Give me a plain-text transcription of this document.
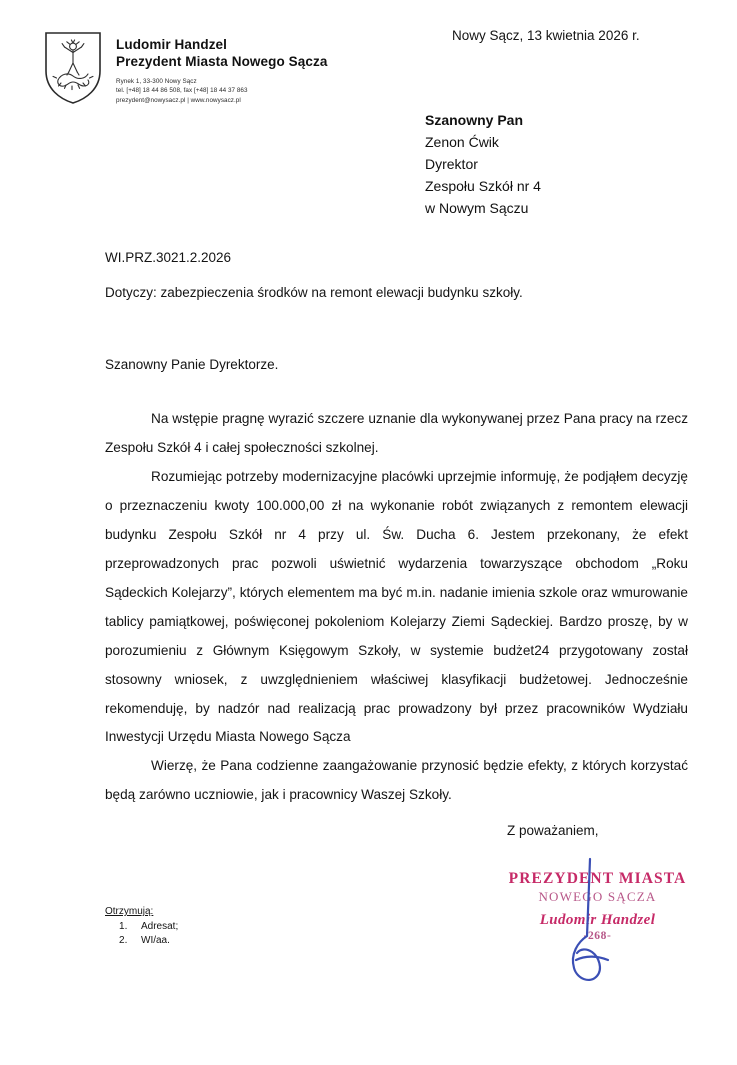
Ludomir Handzel
Prezydent Miasta Nowego Sącza
Rynek 1, 33-300 Nowy Sącz
tel. [+48] 18 44 86 508, fax [+48] 18 44 37 863
prezydent@nowysacz.pl | www.nowysacz.pl
Nowy Sącz, 13 kwietnia 2026 r.
Szanowny Pan
Zenon Ćwik
Dyrektor
Zespołu Szkół nr 4
w Nowym Sączu
WI.PRZ.3021.2.2026
Dotyczy: zabezpieczenia środków na remont elewacji budynku szkoły.
Szanowny Panie Dyrektorze.

Na wstępie pragnę wyrazić szczere uznanie dla wykonywanej przez Pana pracy na rzecz Zespołu Szkół 4 i całej społeczności szkolnej.

Rozumiejąc potrzeby modernizacyjne placówki uprzejmie informuję, że podjąłem decyzję o przeznaczeniu kwoty 100.000,00 zł na wykonanie robót związanych z remontem elewacji budynku Zespołu Szkół nr 4 przy ul. Św. Ducha 6. Jestem przekonany, że efekt przeprowadzonych prac pozwoli uświetnić wydarzenia towarzyszące obchodom „Roku Sądeckich Kolejarzy”, których elementem ma być m.in. nadanie imienia szkole oraz wmurowanie tablicy pamiątkowej, poświęconej pokoleniom Kolejarzy Ziemi Sądeckiej. Bardzo proszę, by w porozumieniu z Głównym Księgowym Szkoły, w systemie budżet24 przygotowany został stosowny wniosek, z uwzględnieniem właściwej klasyfikacji budżetowej. Jednocześnie rekomenduję, by nadzór nad realizacją prac prowadzony był przez pracowników Wydziału Inwestycji Urzędu Miasta Nowego Sącza

Wierzę, że Pana codzienne zaangażowanie przynosić będzie efekty, z których korzystać będą zarówno uczniowie, jak i pracownicy Waszej Szkoły.

Z poważaniem,
PREZYDENT MIASTA
NOWEGO SĄCZA
Ludomir Handzel
-268-
Otrzymują:
Adresat;
WI/aa.
